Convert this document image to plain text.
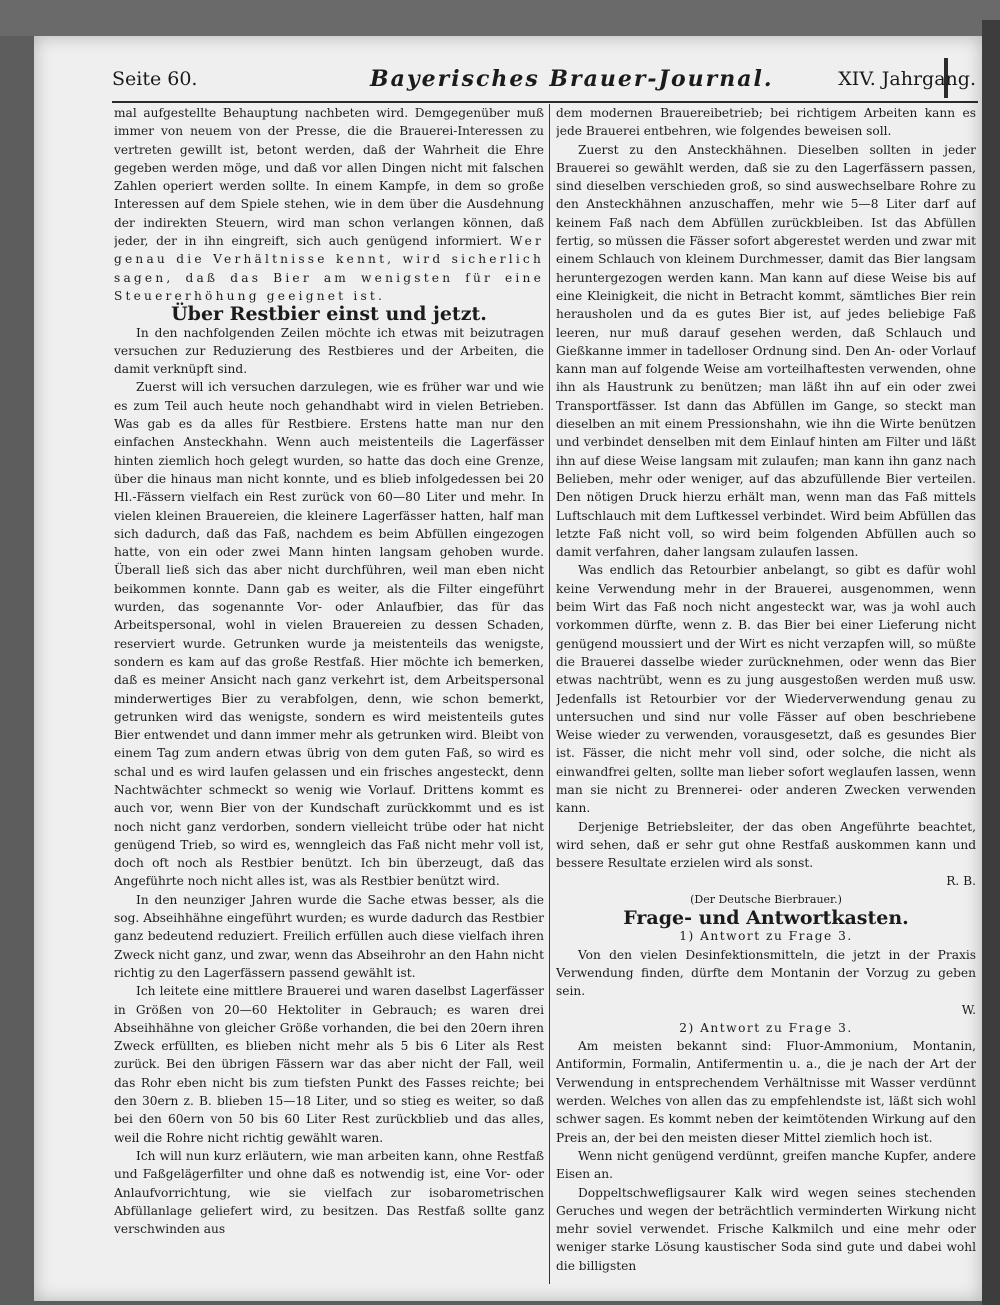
Seite 60.	Bayerisches Brauer-Journal.	XIV. Jahrgang.

mal aufgestellte Behauptung nachbeten wird. Demgegenüber muß immer von neuem von der Presse, die die Brauerei-Interessen zu vertreten gewillt ist, betont werden, daß der Wahrheit die Ehre gegeben werden möge, und daß vor allen Dingen nicht mit falschen Zahlen operiert werden sollte. In einem Kampfe, in dem so große Interessen auf dem Spiele stehen, wie in dem über die Ausdehnung der indirekten Steuern, wird man schon verlangen können, daß jeder, der in ihn eingreift, sich auch genügend informiert. Wer genau die Verhältnisse kennt, wird sicherlich sagen, daß das Bier am wenigsten für eine Steuererhöhung geeignet ist.

Über Restbier einst und jetzt.

In den nachfolgenden Zeilen möchte ich etwas mit beizutragen versuchen zur Reduzierung des Restbieres und der Arbeiten, die damit verknüpft sind.

Zuerst will ich versuchen darzulegen, wie es früher war und wie es zum Teil auch heute noch gehandhabt wird in vielen Betrieben. Was gab es da alles für Restbiere. Erstens hatte man nur den einfachen Ansteckhahn. Wenn auch meistenteils die Lagerfässer hinten ziemlich hoch gelegt wurden, so hatte das doch eine Grenze, über die hinaus man nicht konnte, und es blieb infolgedessen bei 20 Hl.-Fässern vielfach ein Rest zurück von 60—80 Liter und mehr. In vielen kleinen Brauereien, die kleinere Lagerfässer hatten, half man sich dadurch, daß das Faß, nachdem es beim Abfüllen eingezogen hatte, von ein oder zwei Mann hinten langsam gehoben wurde. Überall ließ sich das aber nicht durchführen, weil man eben nicht beikommen konnte. Dann gab es weiter, als die Filter eingeführt wurden, das sogenannte Vor- oder Anlaufbier, das für das Arbeitspersonal, wohl in vielen Brauereien zu dessen Schaden, reserviert wurde. Getrunken wurde ja meistenteils das wenigste, sondern es kam auf das große Restfaß. Hier möchte ich bemerken, daß es meiner Ansicht nach ganz verkehrt ist, dem Arbeitspersonal minderwertiges Bier zu verabfolgen, denn, wie schon bemerkt, getrunken wird das wenigste, sondern es wird meistenteils gutes Bier entwendet und dann immer mehr als getrunken wird. Bleibt von einem Tag zum andern etwas übrig von dem guten Faß, so wird es schal und es wird laufen gelassen und ein frisches angesteckt, denn Nachtwächter schmeckt so wenig wie Vorlauf. Drittens kommt es auch vor, wenn Bier von der Kundschaft zurückkommt und es ist noch nicht ganz verdorben, sondern vielleicht trübe oder hat nicht genügend Trieb, so wird es, wenngleich das Faß nicht mehr voll ist, doch oft noch als Restbier benützt. Ich bin überzeugt, daß das Angeführte noch nicht alles ist, was als Restbier benützt wird.

In den neunziger Jahren wurde die Sache etwas besser, als die sog. Abseihhähne eingeführt wurden; es wurde dadurch das Restbier ganz bedeutend reduziert. Freilich erfüllen auch diese vielfach ihren Zweck nicht ganz, und zwar, wenn das Abseihrohr an den Hahn nicht richtig zu den Lagerfässern passend gewählt ist.

Ich leitete eine mittlere Brauerei und waren daselbst Lagerfässer in Größen von 20—60 Hektoliter in Gebrauch; es waren drei Abseihhähne von gleicher Größe vorhanden, die bei den 20ern ihren Zweck erfüllten, es blieben nicht mehr als 5 bis 6 Liter als Rest zurück. Bei den übrigen Fässern war das aber nicht der Fall, weil das Rohr eben nicht bis zum tiefsten Punkt des Fasses reichte; bei den 30ern z. B. blieben 15—18 Liter, und so stieg es weiter, so daß bei den 60ern von 50 bis 60 Liter Rest zurückblieb und das alles, weil die Rohre nicht richtig gewählt waren.

Ich will nun kurz erläutern, wie man arbeiten kann, ohne Restfaß und Faßgelägerfilter und ohne daß es notwendig ist, eine Vor- oder Anlaufvorrichtung, wie sie vielfach zur isobarometrischen Abfüllanlage geliefert wird, zu besitzen. Das Restfaß sollte ganz verschwinden aus

dem modernen Brauereibetrieb; bei richtigem Arbeiten kann es jede Brauerei entbehren, wie folgendes beweisen soll.

Zuerst zu den Ansteckhähnen. Dieselben sollten in jeder Brauerei so gewählt werden, daß sie zu den Lagerfässern passen, sind dieselben verschieden groß, so sind auswechselbare Rohre zu den Ansteckhähnen anzuschaffen, mehr wie 5—8 Liter darf auf keinem Faß nach dem Abfüllen zurückbleiben. Ist das Abfüllen fertig, so müssen die Fässer sofort abgerestet werden und zwar mit einem Schlauch von kleinem Durchmesser, damit das Bier langsam heruntergezogen werden kann. Man kann auf diese Weise bis auf eine Kleinigkeit, die nicht in Betracht kommt, sämtliches Bier rein herausholen und da es gutes Bier ist, auf jedes beliebige Faß leeren, nur muß darauf gesehen werden, daß Schlauch und Gießkanne immer in tadelloser Ordnung sind. Den An- oder Vorlauf kann man auf folgende Weise am vorteilhaftesten verwenden, ohne ihn als Haustrunk zu benützen; man läßt ihn auf ein oder zwei Transportfässer. Ist dann das Abfüllen im Gange, so steckt man dieselben an mit einem Pressionshahn, wie ihn die Wirte benützen und verbindet denselben mit dem Einlauf hinten am Filter und läßt ihn auf diese Weise langsam mit zulaufen; man kann ihn ganz nach Belieben, mehr oder weniger, auf das abzufüllende Bier verteilen. Den nötigen Druck hierzu erhält man, wenn man das Faß mittels Luftschlauch mit dem Luftkessel verbindet. Wird beim Abfüllen das letzte Faß nicht voll, so wird beim folgenden Abfüllen auch so damit verfahren, daher langsam zulaufen lassen.

Was endlich das Retourbier anbelangt, so gibt es dafür wohl keine Verwendung mehr in der Brauerei, ausgenommen, wenn beim Wirt das Faß noch nicht angesteckt war, was ja wohl auch vorkommen dürfte, wenn z. B. das Bier bei einer Lieferung nicht genügend moussiert und der Wirt es nicht verzapfen will, so müßte die Brauerei dasselbe wieder zurücknehmen, oder wenn das Bier etwas nachtrübt, wenn es zu jung ausgestoßen werden muß usw. Jedenfalls ist Retourbier vor der Wiederverwendung genau zu untersuchen und sind nur volle Fässer auf oben beschriebene Weise wieder zu verwenden, vorausgesetzt, daß es gesundes Bier ist. Fässer, die nicht mehr voll sind, oder solche, die nicht als einwandfrei gelten, sollte man lieber sofort weglaufen lassen, wenn man sie nicht zu Brennerei- oder anderen Zwecken verwenden kann.

Derjenige Betriebsleiter, der das oben Angeführte beachtet, wird sehen, daß er sehr gut ohne Restfaß auskommen kann und bessere Resultate erzielen wird als sonst.

R. B.

(Der Deutsche Bierbrauer.)

Frage- und Antwortkasten.

1) Antwort zu Frage 3.

Von den vielen Desinfektionsmitteln, die jetzt in der Praxis Verwendung finden, dürfte dem Montanin der Vorzug zu geben sein.

W.

2) Antwort zu Frage 3.

Am meisten bekannt sind: Fluor-Ammonium, Montanin, Antiformin, Formalin, Antifermentin u. a., die je nach der Art der Verwendung in entsprechendem Verhältnisse mit Wasser verdünnt werden. Welches von allen das zu empfehlendste ist, läßt sich wohl schwer sagen. Es kommt neben der keimtötenden Wirkung auf den Preis an, der bei den meisten dieser Mittel ziemlich hoch ist.

Wenn nicht genügend verdünnt, greifen manche Kupfer, andere Eisen an.

Doppeltschwefligsaurer Kalk wird wegen seines stechenden Geruches und wegen der beträchtlich verminderten Wirkung nicht mehr soviel verwendet. Frische Kalkmilch und eine mehr oder weniger starke Lösung kaustischer Soda sind gute und dabei wohl die billigsten
